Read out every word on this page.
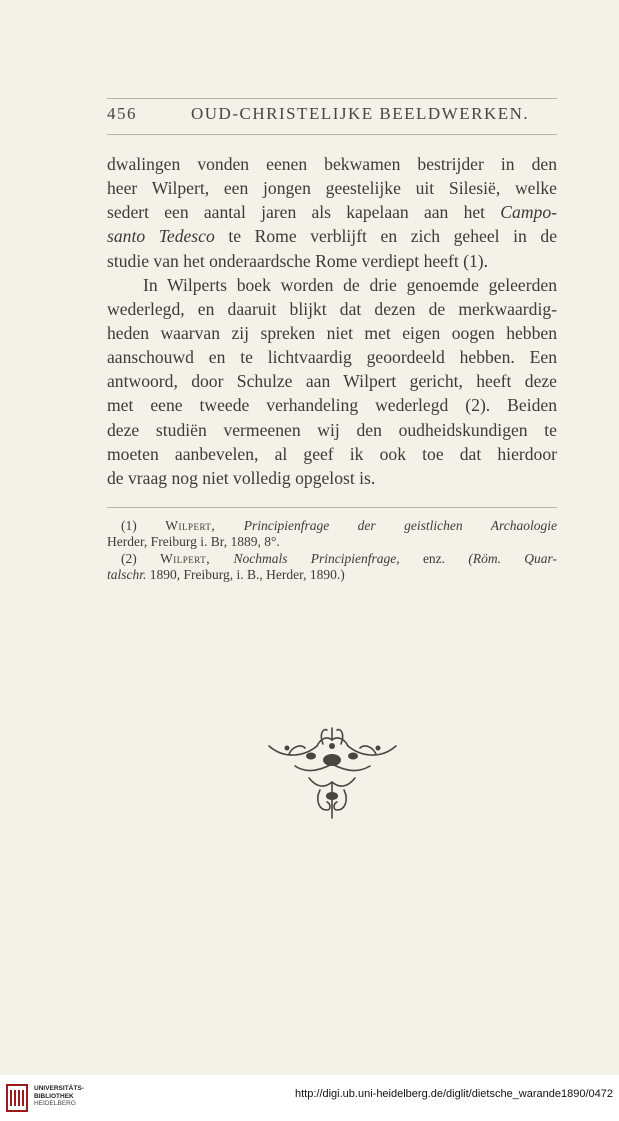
456	OUD-CHRISTELIJKE BEELDWERKEN.
dwalingen vonden eenen bekwamen bestrijder in den
heer Wilpert, een jongen geestelijke uit Silesië, welke
sedert een aantal jaren als kapelaan aan het Campo-
santo Tedesco te Rome verblijft en zich geheel in de
studie van het onderaardsche Rome verdiept heeft (1).
In Wilperts boek worden de drie genoemde geleerden
wederlegd, en daaruit blijkt dat dezen de merkwaardig-
heden waarvan zij spreken niet met eigen oogen hebben
aanschouwd en te lichtvaardig geoordeeld hebben. Een
antwoord, door Schulze aan Wilpert gericht, heeft deze
met eene tweede verhandeling wederlegd (2). Beiden
deze studiën vermeenen wij den oudheidskundigen te
moeten aanbevelen, al geef ik ook toe dat hierdoor
de vraag nog niet volledig opgelost is.
(1) Wilpert, Principienfrage der geistlichen Archaologie
Herder, Freiburg i. Br, 1889, 8°.
(2) Wilpert, Nochmals Principienfrage, enz. (Röm. Quar-
talschr. 1890, Freiburg, i. B., Herder, 1890.)
UNIVERSITÄTS-
BIBLIOTHEK
HEIDELBERG
http://digi.ub.uni-heidelberg.de/diglit/dietsche_warande1890/0472
